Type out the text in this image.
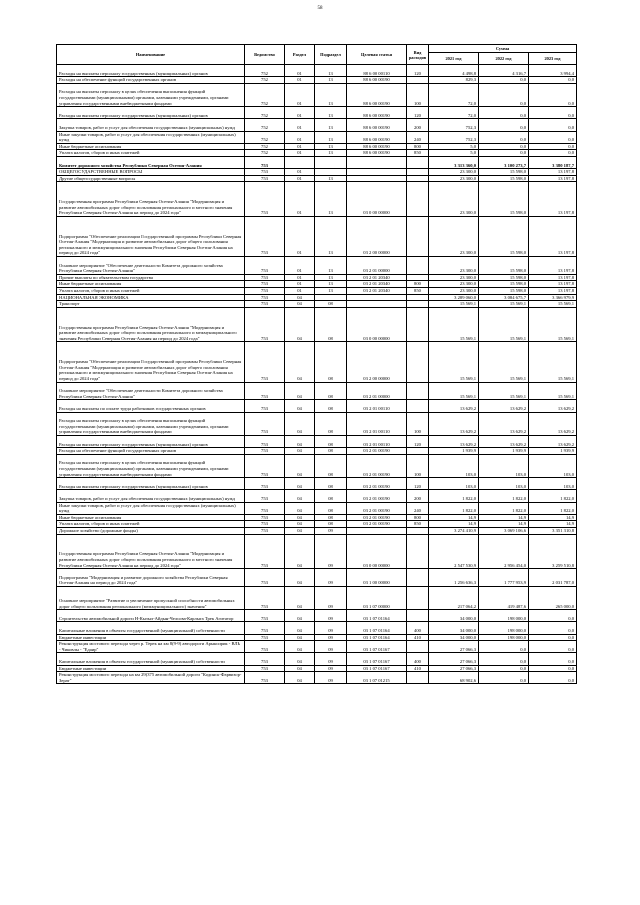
58
Наименование	Ведомство	Раздел	Подраздел	Целевая статья	Вид расходов	Сумма		
						2021 год	2022 год	2023 год
Расходы на выплаты персоналу государственных (муниципальных) органов	752	01	13	88 6 00 00110	120	4 498,8	4 316,7	3 994,4
Расходы на обеспечение функций государственных органов	752	01	13	88 6 00 00190		829,3	0,0	0,0
Расходы на выплаты персоналу в целях обеспечения выполнения функций государственными (муниципальными) органами, казенными учреждениями, органами управления государственными внебюджетными фондами	752	01	13	88 6 00 00190	100	72,0	0,0	0,0
Расходы на выплаты персоналу государственных (муниципальных) органов	752	01	13	88 6 00 00190	120	72,0	0,0	0,0
Закупка товаров, работ и услуг для обеспечения государственных (муниципальных) нужд	752	01	13	88 6 00 00190	200	752,3	0,0	0,0
Иные закупки товаров, работ и услуг для обеспечения государственных (муниципальных) нужд	752	01	13	88 6 00 00190	240	752,3	0,0	0,0
Иные бюджетные ассигнования	752	01	13	88 6 00 00190	800	5,0	0,0	0,0
Уплата налогов, сборов и иных платежей	752	01	13	88 6 00 00190	850	5,0	0,0	0,0
Комитет дорожного хозяйства Республики Северная Осетия-Алания	753					3 313 360,0	3 100 273,7	3 380 187,7
ОБЩЕГОСУДАРСТВЕННЫЕ ВОПРОСЫ	753	01				23 300,0	15 598,0	13 197,8
Другие общегосударственные вопросы	753	01	13			23 300,0	15 598,0	13 197,8
Государственная программа Республики Северная Осетия-Алания "Модернизация и развитие автомобильных дорог общего пользования регионального и местного значения Республики Северная Осетия-Алания на период до 2024 года"	753	01	13	03 0 00 00000		23 300,0	15 598,0	13 197,8
Подпрограмма "Обеспечение реализации Государственной программы Республики Северная Осетия-Алания "Модернизация и развитие автомобильных дорог общего пользования регионального и межмуниципального значения Республики Северная Осетия-Алания на период до 2024 года"	753	01	13	03 2 00 00000		23 300,0	15 598,0	13 197,8
Основное мероприятие "Обеспечение деятельности Комитета дорожного хозяйства Республики Северная Осетия-Алания"	753	01	13	03 2 01 00000		23 300,0	15 598,0	13 197,8
Прочие выплаты по обязательствам государства	753	01	13	03 2 01 20340		23 300,0	15 598,0	13 197,8
Иные бюджетные ассигнования	753	01	13	03 2 01 20340	800	23 300,0	15 598,0	13 197,8
Уплата налогов, сборов и иных платежей	753	01	13	03 2 01 20340	850	23 300,0	15 598,0	13 197,8
НАЦИОНАЛЬНАЯ ЭКОНОМИКА	753	04				3 289 060,0	3 084 675,7	3 366 979,9
Транспорт	753	04	08			15 569,1	15 569,1	15 569,1
Государственная программа Республики Северная Осетия-Алания "Модернизация и развитие автомобильных дорог общего пользования регионального и межмуниципального значения Республики Северная Осетия-Алания на период до 2024 года"	753	04	08	03 0 00 00000		15 569,1	15 569,1	15 569,1
Подпрограмма "Обеспечение реализации Государственной программы Республики Северная Осетия-Алания "Модернизация и развитие автомобильных дорог общего пользования регионального и межмуниципального значения Республики Северная Осетия-Алания на период до 2024 года"	753	04	08	03 2 00 00000		15 569,1	15 569,1	15 569,1
Основное мероприятие "Обеспечение деятельности Комитета дорожного хозяйства Республики Северная Осетия-Алания"	753	04	08	03 2 01 00000		15 569,1	15 569,1	15 569,1
Расходы на выплаты по оплате труда работников государственных органов	753	04	08	03 2 01 00110		13 629,2	13 629,2	13 629,2
Расходы на выплаты персоналу в целях обеспечения выполнения функций государственными (муниципальными) органами, казенными учреждениями, органами управления государственными внебюджетными фондами	753	04	08	03 2 01 00110	100	13 629,2	13 629,2	13 629,2
Расходы на выплаты персоналу государственных (муниципальных) органов	753	04	08	03 2 01 00110	120	13 629,2	13 629,2	13 629,2
Расходы на обеспечение функций государственных органов	753	04	08	03 2 01 00190		1 939,9	1 939,9	1 939,9
Расходы на выплаты персоналу в целях обеспечения выполнения функций государственными (муниципальными) органами, казенными учреждениями, органами управления государственными внебюджетными фондами	753	04	08	03 2 01 00190	100	103,0	103,0	103,0
Расходы на выплаты персоналу государственных (муниципальных) органов	753	04	08	03 2 01 00190	120	103,0	103,0	103,0
Закупка товаров, работ и услуг для обеспечения государственных (муниципальных) нужд	753	04	08	03 2 01 00190	200	1 822,0	1 822,0	1 822,0
Иные закупки товаров, работ и услуг для обеспечения государственных (муниципальных) нужд	753	04	08	03 2 01 00190	240	1 822,0	1 822,0	1 822,0
Иные бюджетные ассигнования	753	04	08	03 2 01 00190	800	14,9	14,9	14,9
Уплата налогов, сборов и иных платежей	753	04	08	03 2 01 00190	850	14,9	14,9	14,9
Дорожное хозяйство (дорожные фонды)	753	04	09			3 274 410,9	3 069 106,6	3 351 310,8
Государственная программа Республики Северная Осетия-Алания "Модернизация и развитие автомобильных дорог общего пользования регионального и местного значения Республики Северная Осетия-Алания на период до 2024 года"	753	04	09	03 0 00 00000		2 547 530,9	2 956 454,0	3 259 510,8
Подпрограмма "Модернизация и развитие дорожного хозяйства Республики Северная Осетия-Алания на период до 2024 года"	753	04	09	03 1 00 00000		1 256 636,3	1 777 953,9	2 031 787,0
Основное мероприятие "Развитие и увеличение пропускной способности автомобильных дорог общего пользования регионального (межмуниципального) значения"	753	04	09	03 1 07 00000		217 064,2	419 487,6	265 000,0
Строительство автомобильной дороги Н-Кызыл-Айдын-Челсова-Карлыга Трек Агитатор	753	04	09	03 1 07 01164		34 000,0	198 000,0	0,0
Капитальные вложения в объекты государственной (муниципальной) собственности	753	04	09	03 1 07 01164	400	34 000,0	198 000,0	0,0
Бюджетные инвестиции	753	04	09	03 1 07 01164	410	34 000,0	198 000,0	0,0
Реконструкция мостового перехода через р. Терек на км 8(9-9) автодороги Арыксирик - ВЛЬ - Чиковлы - "Едаир"	753	04	09	03 1 07 01167		27 066,3	0,0	0,0
Капитальные вложения в объекты государственной (муниципальной) собственности	753	04	09	03 1 07 01167	400	27 066,3	0,0	0,0
Бюджетные инвестиции	753	04	09	03 1 07 01167	410	27 066,3	0,0	0,0
Реконструкция мостового перехода на км 29(375 автомобильной дороги "Кодинск-Фарвизор-Зерат"	753	04	09	03 1 07 01215		68 902,6	0,0	0,0
